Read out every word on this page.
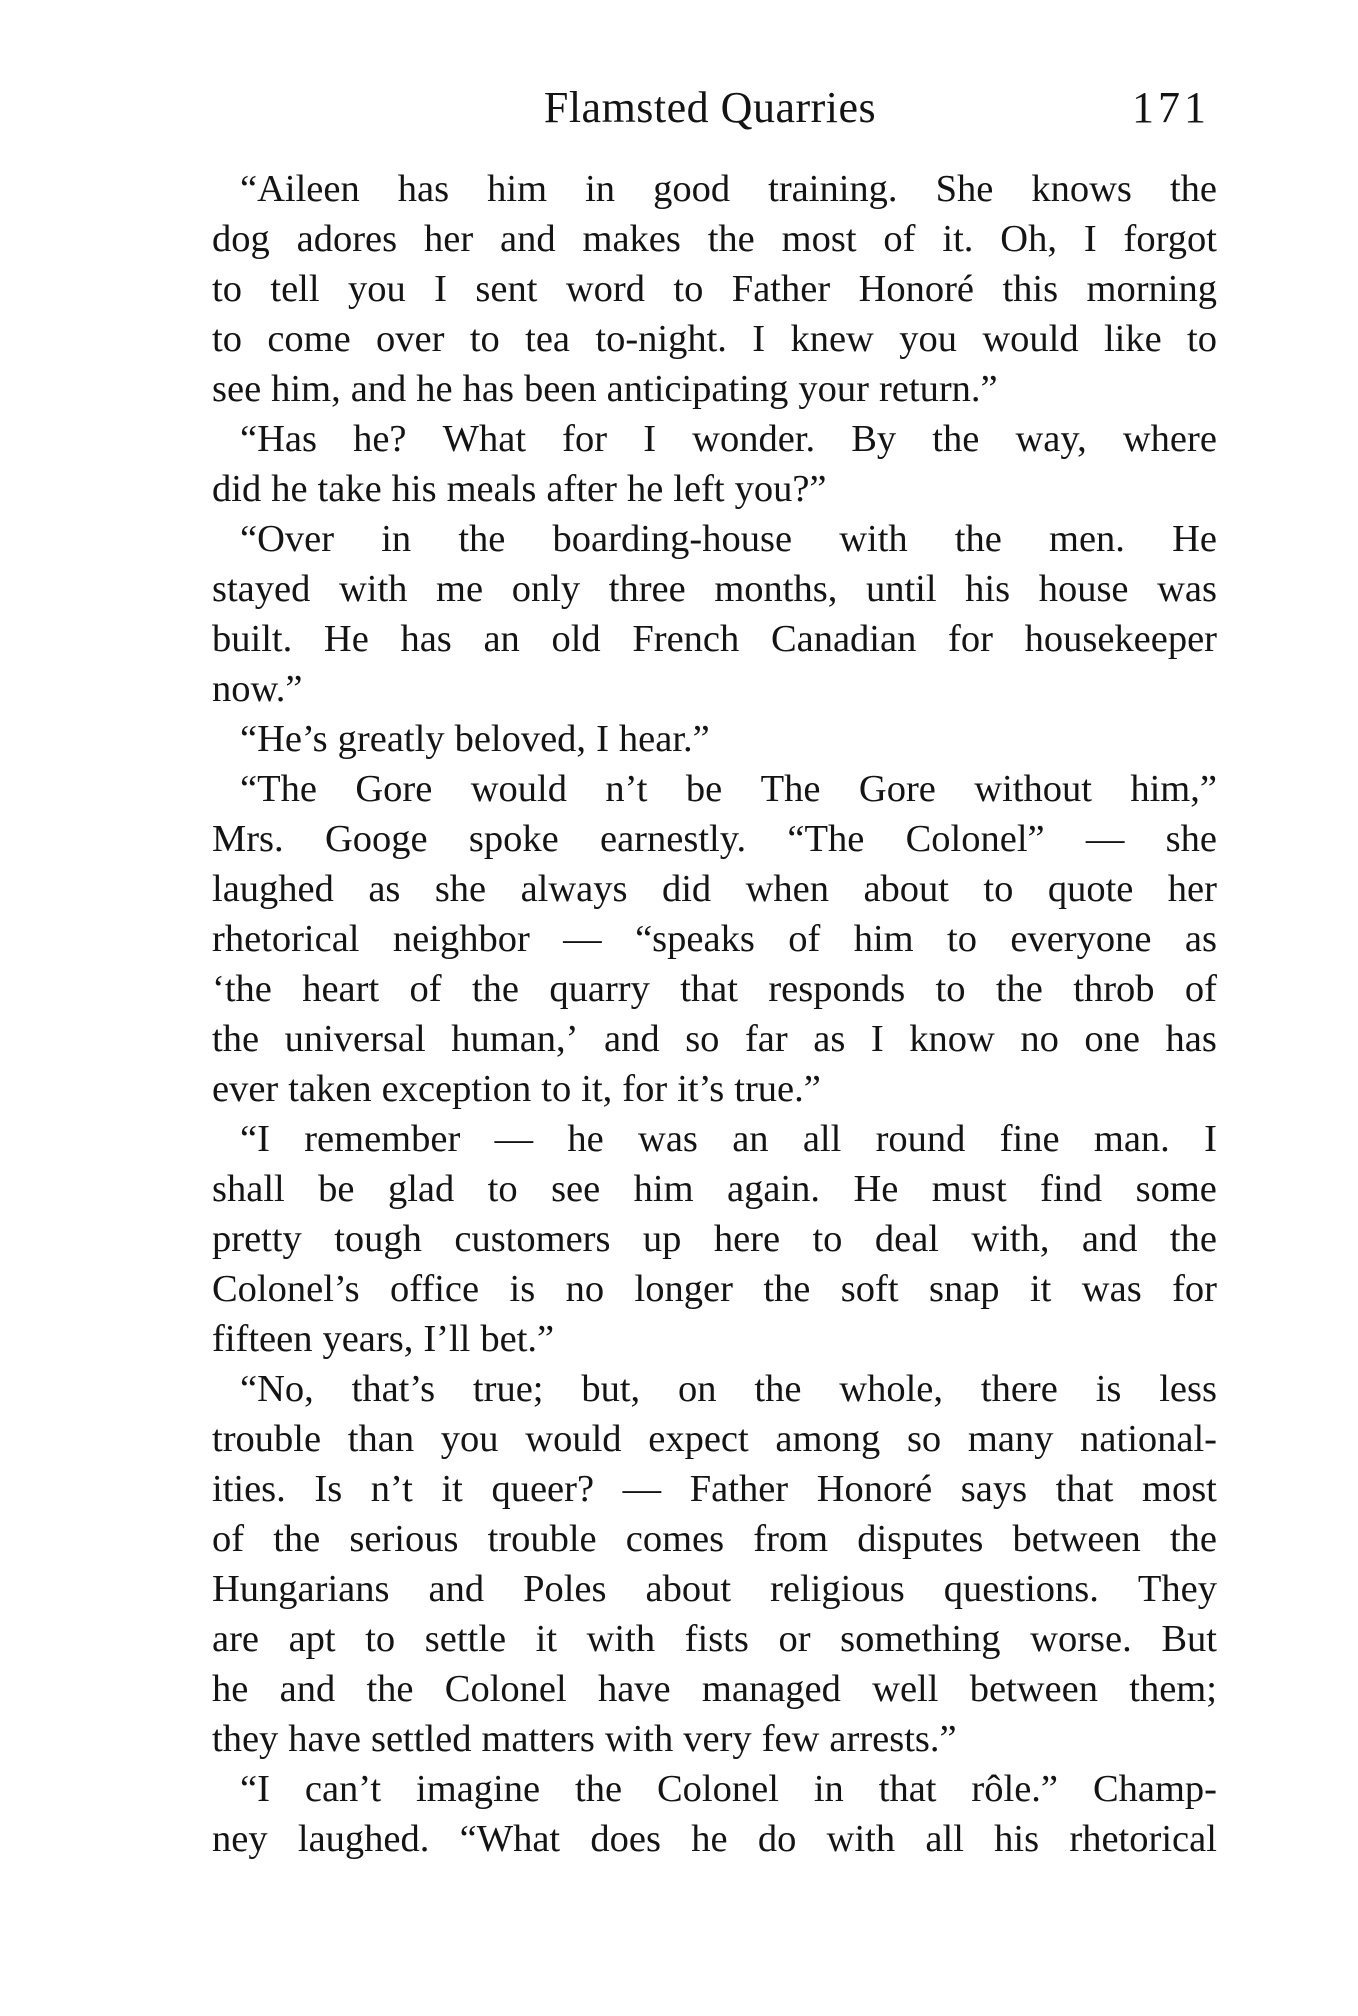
Flamsted Quarries	171
“Aileen has him in good training. She knows the
dog adores her and makes the most of it. Oh, I forgot
to tell you I sent word to Father Honoré this morning
to come over to tea to-night. I knew you would like to
see him, and he has been anticipating your return.”
“Has he? What for I wonder. By the way, where
did he take his meals after he left you?”
“Over in the boarding-house with the men. He
stayed with me only three months, until his house was
built. He has an old French Canadian for housekeeper
now.”
“He’s greatly beloved, I hear.”
“The Gore would n’t be The Gore without him,”
Mrs. Googe spoke earnestly. “The Colonel” — she
laughed as she always did when about to quote her
rhetorical neighbor — “speaks of him to everyone as
‘the heart of the quarry that responds to the throb of
the universal human,’ and so far as I know no one has
ever taken exception to it, for it’s true.”
“I remember — he was an all round fine man. I
shall be glad to see him again. He must find some
pretty tough customers up here to deal with, and the
Colonel’s office is no longer the soft snap it was for
fifteen years, I’ll bet.”
“No, that’s true; but, on the whole, there is less
trouble than you would expect among so many national-
ities. Is n’t it queer? — Father Honoré says that most
of the serious trouble comes from disputes between the
Hungarians and Poles about religious questions. They
are apt to settle it with fists or something worse. But
he and the Colonel have managed well between them;
they have settled matters with very few arrests.”
“I can’t imagine the Colonel in that rôle.” Champ-
ney laughed. “What does he do with all his rhetorical
